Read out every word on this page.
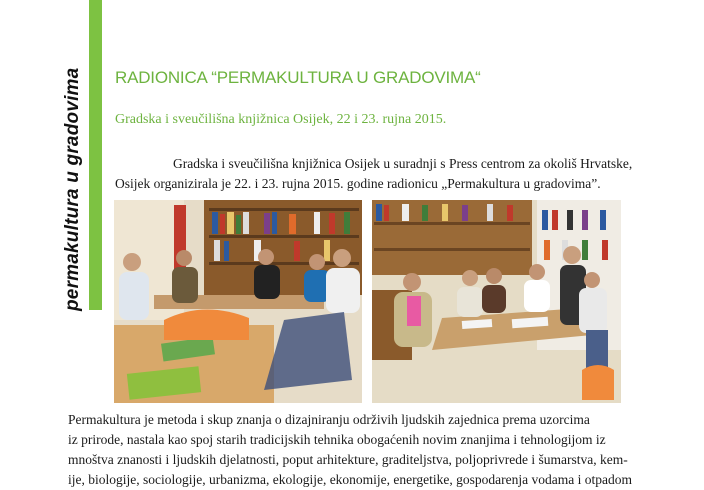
permakultura u gradovima RADIONICA “PERMAKULTURA U GRADOVIMA“
Gradska i sveučilišna knjižnica Osijek, 22 i 23. rujna 2015.
Gradska i sveučilišna knjižnica Osijek u suradnji s Press centrom za okoliš Hrvatske,
Osijek organizirala je 22. i 23. rujna 2015. godine radionicu „Permakultura u gradovima”.
Permakultura je metoda i skup znanja o dizajniranju održivih ljudskih zajednica prema uzorcima
iz prirode, nastala kao spoj starih tradicijskih tehnika obogaćenih novim znanjima i tehnologijom iz
mnoštva znanosti i ljudskih djelatnosti, poput arhitekture, graditeljstva, poljoprivrede i šumarstva, kem-
ije, biologije, sociologije, urbanizma, ekologije, ekonomije, energetike, gospodarenja vodama i otpadom
